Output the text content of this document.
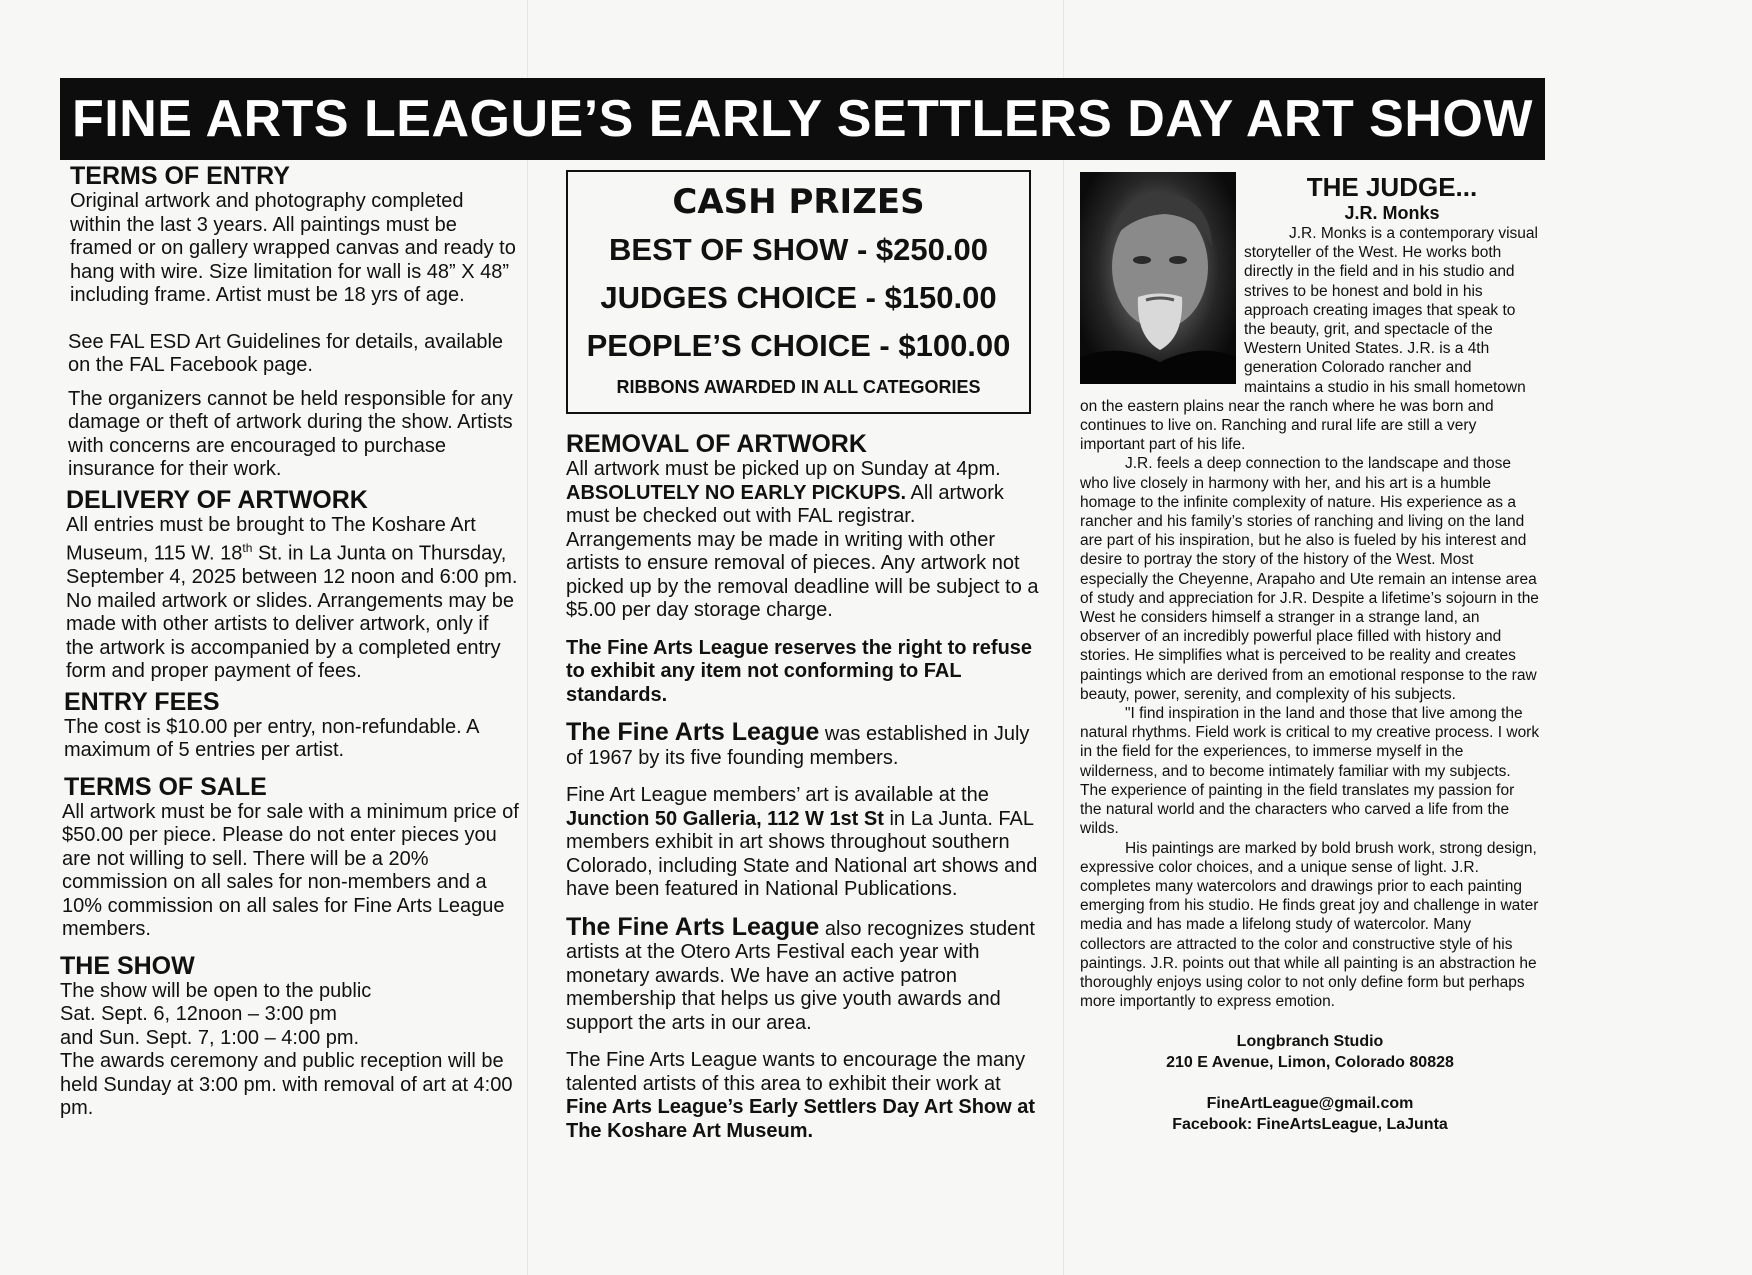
FINE ARTS LEAGUE’S EARLY SETTLERS DAY ART SHOW
TERMS OF ENTRY

Original artwork and photography completed within the last 3 years. All paintings must be framed or on gallery wrapped canvas and ready to hang with wire. Size limitation for wall is 48” X 48” including frame. Artist must be 18 yrs of age.

See FAL ESD Art Guidelines for details, available on the FAL Facebook page.

The organizers cannot be held responsible for any damage or theft of artwork during the show. Artists with concerns are encouraged to purchase insurance for their work.

DELIVERY OF ARTWORK

All entries must be brought to The Koshare Art Museum, 115 W. 18th St. in La Junta on Thursday, September 4, 2025 between 12 noon and 6:00 pm. No mailed artwork or slides. Arrangements may be made with other artists to deliver artwork, only if the artwork is accompanied by a completed entry form and proper payment of fees.

ENTRY FEES

The cost is $10.00 per entry, non-refundable. A maximum of 5 entries per artist.

TERMS OF SALE

All artwork must be for sale with a minimum price of $50.00 per piece. Please do not enter pieces you are not willing to sell. There will be a 20% commission on all sales for non-members and a 10% commission on all sales for Fine Arts League members.

THE SHOW

The show will be open to the public

Sat. Sept. 6, 12noon – 3:00 pm

and Sun. Sept. 7, 1:00 – 4:00 pm.

The awards ceremony and public reception will be held Sunday at 3:00 pm. with removal of art at 4:00 pm.

CASH PRIZES
BEST OF SHOW - $250.00
JUDGES CHOICE - $150.00
PEOPLE’S CHOICE - $100.00
RIBBONS AWARDED IN ALL CATEGORIES
REMOVAL OF ARTWORK

All artwork must be picked up on Sunday at 4pm. ABSOLUTELY NO EARLY PICKUPS. All artwork must be checked out with FAL registrar. Arrangements may be made in writing with other artists to ensure removal of pieces. Any artwork not picked up by the removal deadline will be subject to a $5.00 per day storage charge.

The Fine Arts League reserves the right to refuse to exhibit any item not conforming to FAL standards.

The Fine Arts League was established in July of 1967 by its five founding members.

Fine Art League members’ art is available at the Junction 50 Galleria, 112 W 1st St in La Junta. FAL members exhibit in art shows throughout southern Colorado, including State and National art shows and have been featured in National Publications.

The Fine Arts League also recognizes student artists at the Otero Arts Festival each year with monetary awards. We have an active patron membership that helps us give youth awards and support the arts in our area.

The Fine Arts League wants to encourage the many talented artists of this area to exhibit their work at Fine Arts League’s Early Settlers Day Art Show at The Koshare Art Museum.

THE JUDGE...
J.R. Monks

J.R. Monks is a contemporary visual storyteller of the West. He works both directly in the field and in his studio and strives to be honest and bold in his approach creating images that speak to the beauty, grit, and spectacle of the Western United States. J.R. is a 4th generation Colorado rancher and maintains a studio in his small hometown on the eastern plains near the ranch where he was born and continues to live on. Ranching and rural life are still a very important part of his life.

J.R. feels a deep connection to the landscape and those who live closely in harmony with her, and his art is a humble homage to the infinite complexity of nature. His experience as a rancher and his family’s stories of ranching and living on the land are part of his inspiration, but he also is fueled by his interest and desire to portray the story of the history of the West. Most especially the Cheyenne, Arapaho and Ute remain an intense area of study and appreciation for J.R. Despite a lifetime’s sojourn in the West he considers himself a stranger in a strange land, an observer of an incredibly powerful place filled with history and stories. He simplifies what is perceived to be reality and creates paintings which are derived from an emotional response to the raw beauty, power, serenity, and complexity of his subjects.

"I find inspiration in the land and those that live among the natural rhythms. Field work is critical to my creative process. I work in the field for the experiences, to immerse myself in the wilderness, and to become intimately familiar with my subjects. The experience of painting in the field translates my passion for the natural world and the characters who carved a life from the wilds.

His paintings are marked by bold brush work, strong design, expressive color choices, and a unique sense of light. J.R. completes many watercolors and drawings prior to each painting emerging from his studio. He finds great joy and challenge in water media and has made a lifelong study of watercolor. Many collectors are attracted to the color and constructive style of his paintings. J.R. points out that while all painting is an abstraction he thoroughly enjoys using color to not only define form but perhaps more importantly to express emotion.

Longbranch Studio
210 E Avenue, Limon, Colorado 80828
FineArtLeague@gmail.com
Facebook: FineArtsLeague, LaJunta
